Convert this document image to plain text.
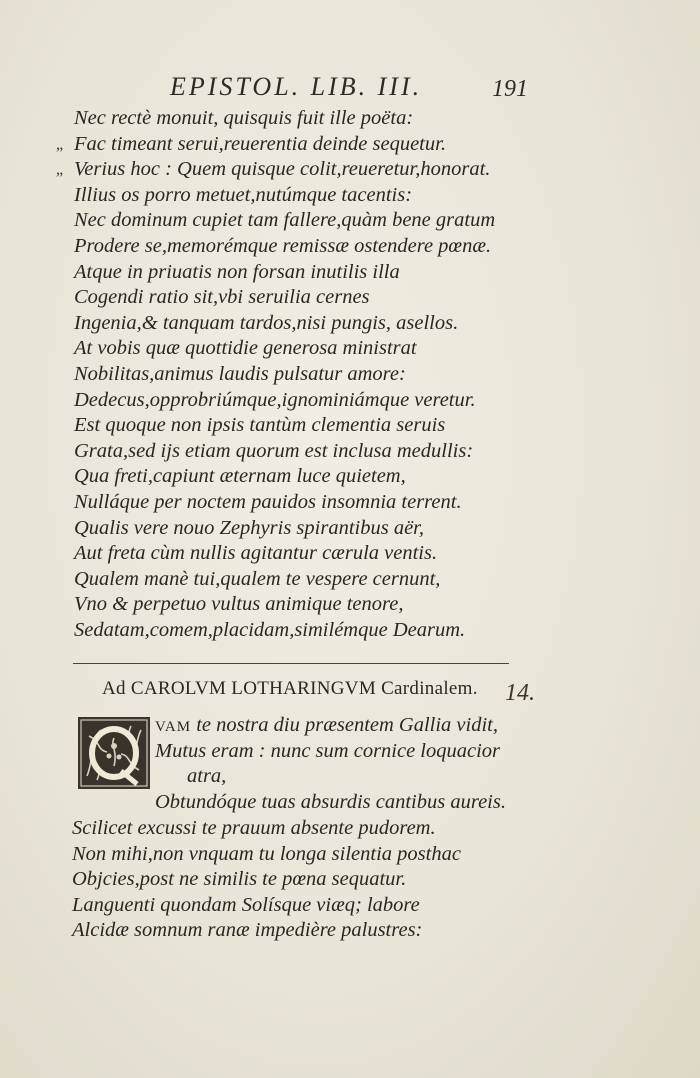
EPISTOL. LIB. III.	191
Nec rectè monuit, quisquis fuit ille poëta:
„ Fac timeant serui,reuerentia deinde sequetur.
„ Verius hoc : Quem quisque colit,reueretur,honorat.
Illius os porro metuet,nutúmque tacentis:
Nec dominum cupiet tam fallere,quàm bene gratum
Prodere se,memorémque remissæ ostendere pœnæ.
Atque in priuatis non forsan inutilis illa
Cogendi ratio sit,vbi seruilia cernes
Ingenia,& tanquam tardos,nisi pungis, asellos.
At vobis quæ quottidie generosa ministrat
Nobilitas,animus laudis pulsatur amore:
Dedecus,opprobriúmque,ignominiámque veretur.
Est quoque non ipsis tantùm clementia seruis
Grata,sed ijs etiam quorum est inclusa medullis:
Qua freti,capiunt æternam luce quietem,
Nulláque per noctem pauidos insomnia terrent.
Qualis vere nouo Zephyris spirantibus aër,
Aut freta cùm nullis agitantur cærula ventis.
Qualem manè tui,qualem te vespere cernunt,
Vno & perpetuo vultus animique tenore,
Sedatam,comem,placidam,similémque Dearum.
Ad CAROLVM LOTHARINGVM Cardinalem. 14.
VAM te nostra diu præsentem Gallia vidit,
Mutus eram : nunc sum cornice loquacior
atra,
Obtundóque tuas absurdis cantibus aureis.
Scilicet excussi te prauum absente pudorem.
Non mihi,non vnquam tu longa silentia posthac
Objcies,post ne similis te pœna sequatur.
Languenti quondam Solísque viæq; labore
Alcidæ somnum ranæ impedière palustres:
